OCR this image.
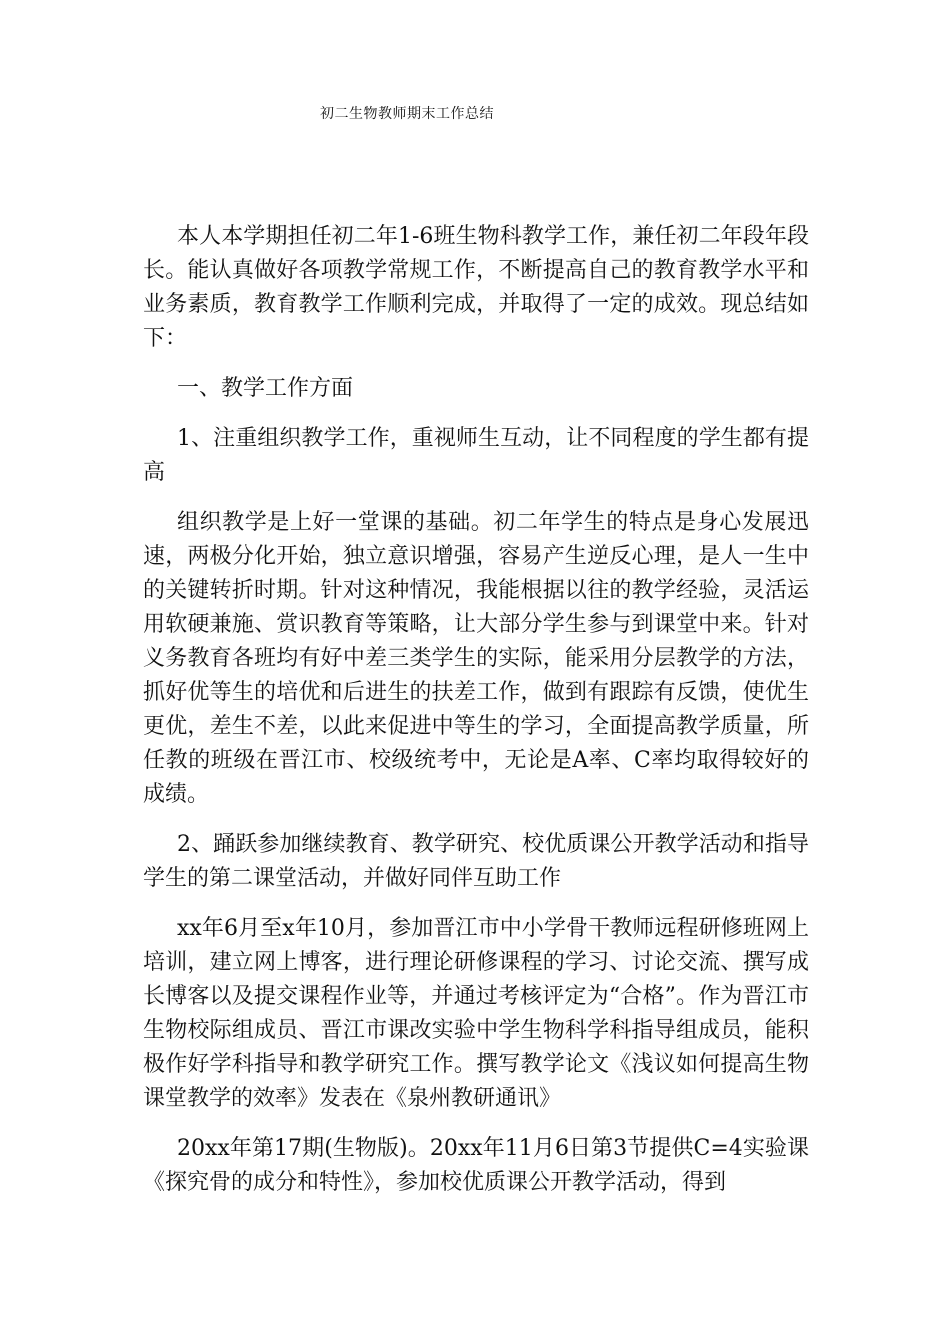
初二生物教师期末工作总结

本人本学期担任初二年1-6班生物科教学工作，兼任初二年段年段长。能认真做好各项教学常规工作，不断提高自己的教育教学水平和业务素质，教育教学工作顺利完成，并取得了一定的成效。现总结如下：

一、教学工作方面

1、注重组织教学工作，重视师生互动，让不同程度的学生都有提高

组织教学是上好一堂课的基础。初二年学生的特点是身心发展迅速，两极分化开始，独立意识增强，容易产生逆反心理，是人一生中的关键转折时期。针对这种情况，我能根据以往的教学经验，灵活运用软硬兼施、赏识教育等策略，让大部分学生参与到课堂中来。针对义务教育各班均有好中差三类学生的实际，能采用分层教学的方法，抓好优等生的培优和后进生的扶差工作，做到有跟踪有反馈，使优生更优，差生不差，以此来促进中等生的学习，全面提高教学质量，所任教的班级在晋江市、校级统考中，无论是A率、C率均取得较好的成绩。

2、踊跃参加继续教育、教学研究、校优质课公开教学活动和指导学生的第二课堂活动，并做好同伴互助工作

xx年6月至x年10月，参加晋江市中小学骨干教师远程研修班网上培训，建立网上博客，进行理论研修课程的学习、讨论交流、撰写成长博客以及提交课程作业等，并通过考核评定为“合格”。作为晋江市生物校际组成员、晋江市课改实验中学生物科学科指导组成员，能积极作好学科指导和教学研究工作。撰写教学论文《浅议如何提高生物课堂教学的效率》发表在《泉州教研通讯》

20xx年第17期(生物版)。20xx年11月6日第3节提供C=4实验课《探究骨的成分和特性》，参加校优质课公开教学活动，得到
